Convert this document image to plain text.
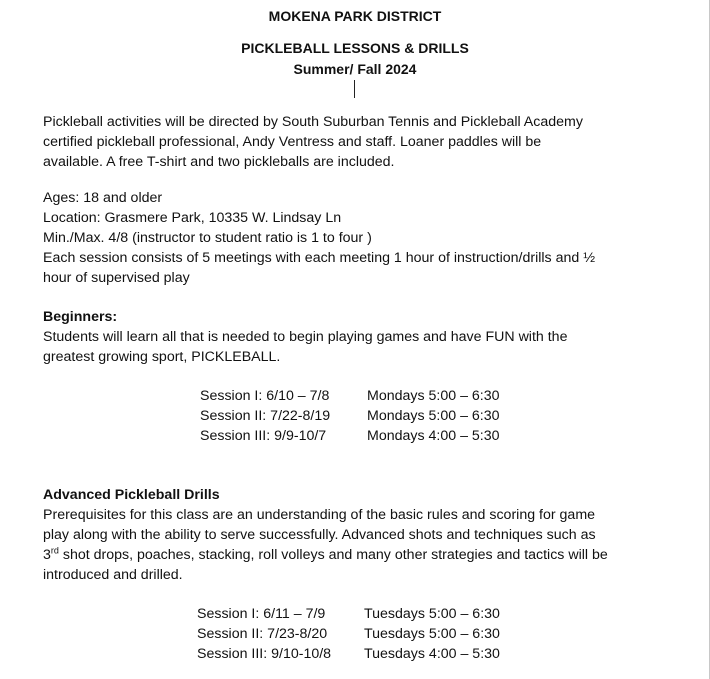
MOKENA PARK DISTRICT
PICKLEBALL LESSONS & DRILLS
Summer/ Fall 2024
Pickleball activities will be directed by South Suburban Tennis and Pickleball Academy
certified pickleball professional, Andy Ventress and staff. Loaner paddles will be
available. A free T-shirt and two pickleballs are included.
Ages: 18 and older
Location: Grasmere Park, 10335 W. Lindsay Ln
Min./Max. 4/8 (instructor to student ratio is 1 to four )
Each session consists of 5 meetings with each meeting 1 hour of instruction/drills and ½
hour of supervised play
Beginners:
Students will learn all that is needed to begin playing games and have FUN with the
greatest growing sport, PICKLEBALL.
Session I: 6/10 – 7/8	Mondays 5:00 – 6:30
Session II: 7/22-8/19	Mondays 5:00 – 6:30
Session III: 9/9-10/7	Mondays 4:00 – 5:30
Advanced Pickleball Drills
Prerequisites for this class are an understanding of the basic rules and scoring for game
play along with the ability to serve successfully. Advanced shots and techniques such as
3rd shot drops, poaches, stacking, roll volleys and many other strategies and tactics will be
introduced and drilled.
Session I: 6/11 – 7/9	Tuesdays 5:00 – 6:30
Session II: 7/23-8/20	Tuesdays 5:00 – 6:30
Session III: 9/10-10/8	Tuesdays 4:00 – 5:30
